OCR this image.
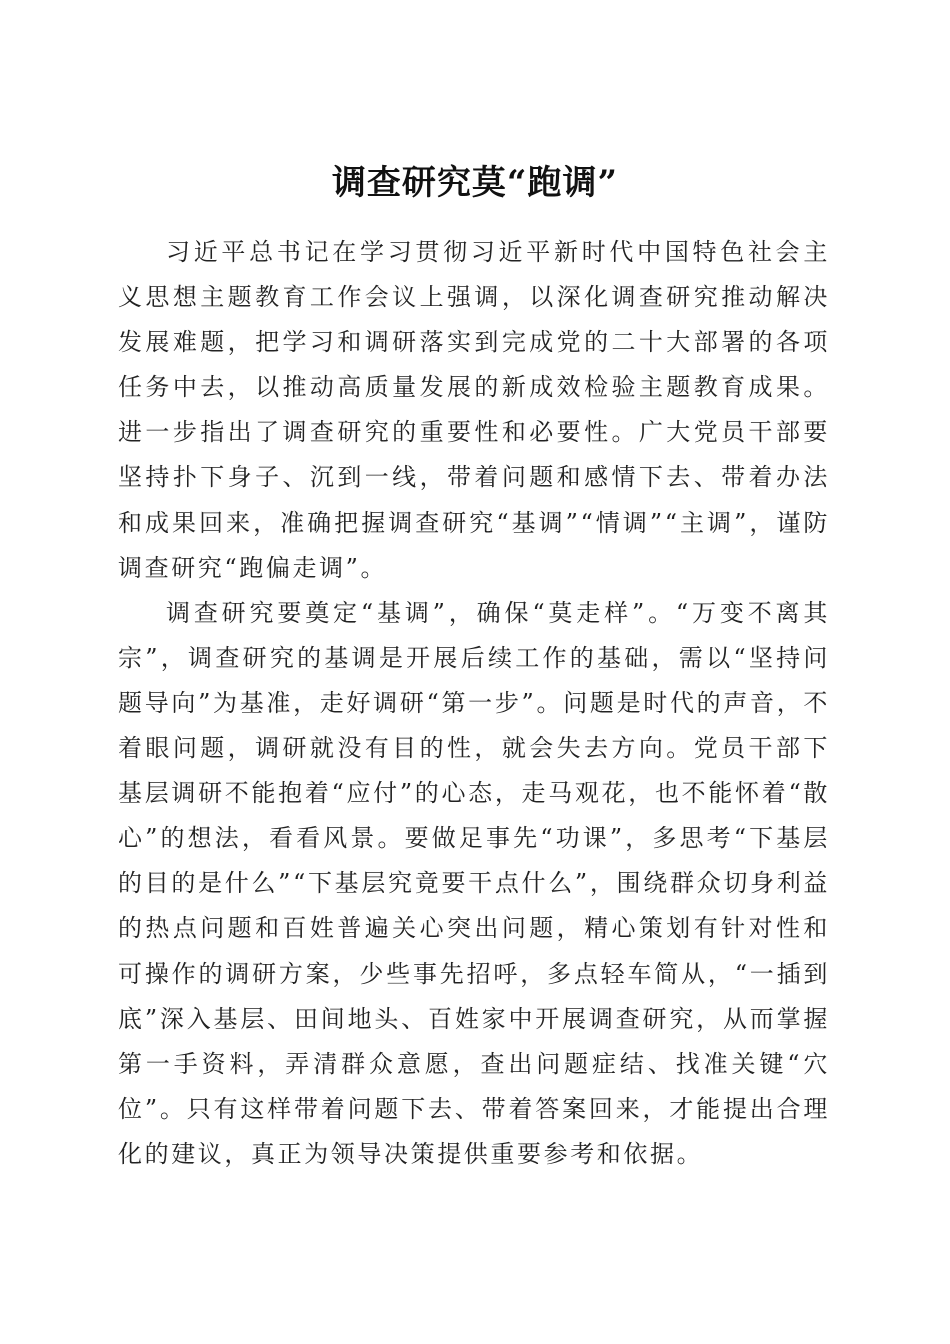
调查研究莫“跑调”

习近平总书记在学习贯彻习近平新时代中国特色社会主义思想主题教育工作会议上强调，以深化调查研究推动解决发展难题，把学习和调研落实到完成党的二十大部署的各项任务中去，以推动高质量发展的新成效检验主题教育成果。进一步指出了调查研究的重要性和必要性。广大党员干部要坚持扑下身子、沉到一线，带着问题和感情下去、带着办法和成果回来，准确把握调查研究“基调”“情调”“主调”，谨防调查研究“跑偏走调”。

调查研究要奠定“基调”，确保“莫走样”。“万变不离其宗”，调查研究的基调是开展后续工作的基础，需以“坚持问题导向”为基准，走好调研“第一步”。问题是时代的声音，不着眼问题，调研就没有目的性，就会失去方向。党员干部下基层调研不能抱着“应付”的心态，走马观花，也不能怀着“散心”的想法，看看风景。要做足事先“功课”，多思考“下基层的目的是什么”“下基层究竟要干点什么”，围绕群众切身利益的热点问题和百姓普遍关心突出问题，精心策划有针对性和可操作的调研方案，少些事先招呼，多点轻车简从，“一插到底”深入基层、田间地头、百姓家中开展调查研究，从而掌握第一手资料，弄清群众意愿，查出问题症结、找准关键“穴位”。只有这样带着问题下去、带着答案回来，才能提出合理化的建议，真正为领导决策提供重要参考和依据。
